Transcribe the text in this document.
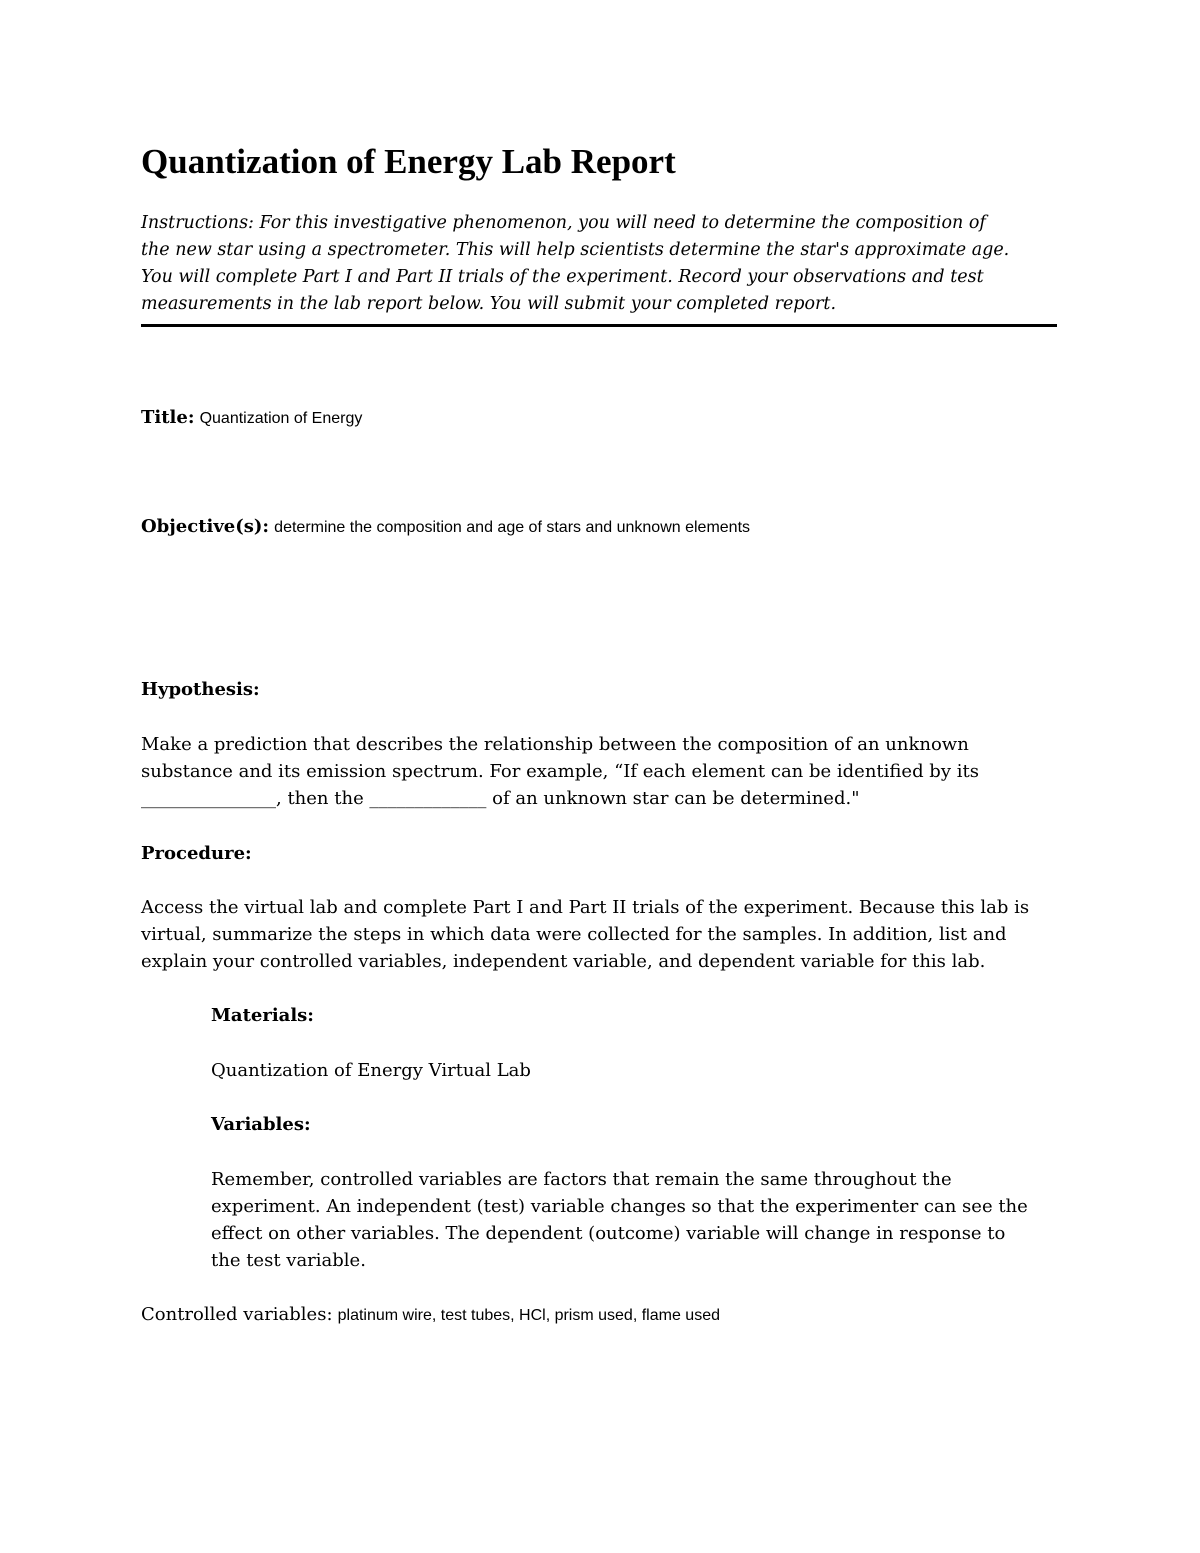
Quantization of Energy Lab Report
Instructions: For this investigative phenomenon, you will need to determine the composition of
the new star using a spectrometer. This will help scientists determine the star's approximate age.
You will complete Part I and Part II trials of the experiment. Record your observations and test
measurements in the lab report below. You will submit your completed report.
Title: Quantization of Energy
Objective(s): determine the composition and age of stars and unknown elements
Hypothesis:
Make a prediction that describes the relationship between the composition of an unknown
substance and its emission spectrum. For example, “If each element can be identified by its
_______________, then the _____________ of an unknown star can be determined."
Procedure:
Access the virtual lab and complete Part I and Part II trials of the experiment. Because this lab is
virtual, summarize the steps in which data were collected for the samples. In addition, list and
explain your controlled variables, independent variable, and dependent variable for this lab.
Materials:
Quantization of Energy Virtual Lab
Variables:
Remember, controlled variables are factors that remain the same throughout the
experiment. An independent (test) variable changes so that the experimenter can see the
effect on other variables. The dependent (outcome) variable will change in response to
the test variable.
Controlled variables: platinum wire, test tubes, HCl, prism used, flame used
